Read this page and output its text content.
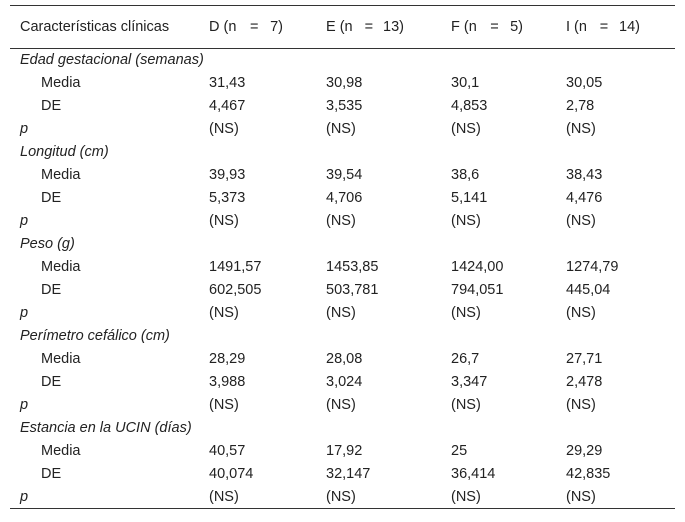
Características clínicas	D (n = 7)	E (n = 13)	F (n = 5)	I (n = 14)

Edad gestacional (semanas)				
Media	31,43	30,98	30,1	30,05
DE	4,467	3,535	4,853	2,78
p	(NS)	(NS)	(NS)	(NS)
Longitud (cm)				
Media	39,93	39,54	38,6	38,43
DE	5,373	4,706	5,141	4,476
p	(NS)	(NS)	(NS)	(NS)
Peso (g)				
Media	1491,57	1453,85	1424,00	1274,79
DE	602,505	503,781	794,051	445,04
p	(NS)	(NS)	(NS)	(NS)
Perímetro cefálico (cm)				
Media	28,29	28,08	26,7	27,71
DE	3,988	3,024	3,347	2,478
p	(NS)	(NS)	(NS)	(NS)
Estancia en la UCIN (días)				
Media	40,57	17,92	25	29,29
DE	40,074	32,147	36,414	42,835
p	(NS)	(NS)	(NS)	(NS)
